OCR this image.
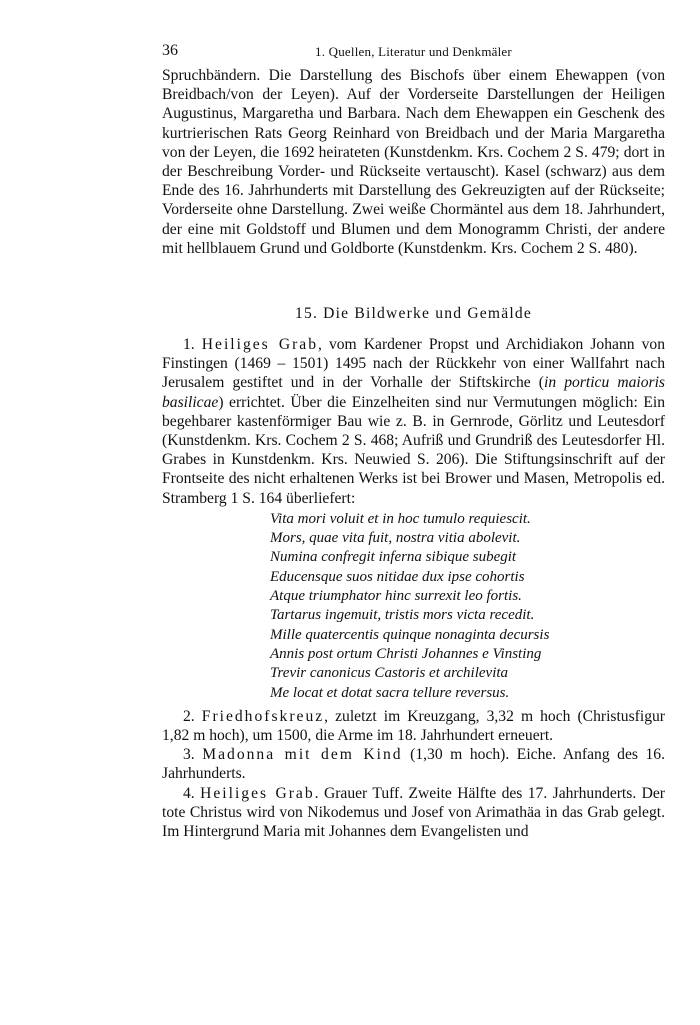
36	1. Quellen, Literatur und Denkmäler

Spruchbändern. Die Darstellung des Bischofs über einem Ehewappen (von Breidbach/von der Leyen). Auf der Vorderseite Darstellungen der Heiligen Augustinus, Margaretha und Barbara. Nach dem Ehewappen ein Geschenk des kurtrierischen Rats Georg Reinhard von Breidbach und der Maria Margaretha von der Leyen, die 1692 heirateten (Kunstdenkm. Krs. Cochem 2 S. 479; dort in der Beschreibung Vorder- und Rückseite vertauscht). Kasel (schwarz) aus dem Ende des 16. Jahrhunderts mit Darstellung des Gekreuzigten auf der Rückseite; Vorderseite ohne Darstellung. Zwei weiße Chormäntel aus dem 18. Jahrhundert, der eine mit Goldstoff und Blumen und dem Monogramm Christi, der andere mit hellblauem Grund und Goldborte (Kunstdenkm. Krs. Cochem 2 S. 480).

15. Die Bildwerke und Gemälde

1. Heiliges Grab, vom Kardener Propst und Archidiakon Johann von Finstingen (1469 – 1501) 1495 nach der Rückkehr von einer Wallfahrt nach Jerusalem gestiftet und in der Vorhalle der Stiftskirche (in porticu maioris basilicae) errichtet. Über die Einzelheiten sind nur Vermutungen möglich: Ein begehbarer kastenförmiger Bau wie z. B. in Gernrode, Görlitz und Leutesdorf (Kunstdenkm. Krs. Cochem 2 S. 468; Aufriß und Grundriß des Leutesdorfer Hl. Grabes in Kunstdenkm. Krs. Neuwied S. 206). Die Stiftungsinschrift auf der Frontseite des nicht erhaltenen Werks ist bei Brower und Masen, Metropolis ed. Stramberg 1 S. 164 überliefert:

Vita mori voluit et in hoc tumulo requiescit.
Mors, quae vita fuit, nostra vitia abolevit.
Numina confregit inferna sibique subegit
Educensque suos nitidae dux ipse cohortis
Atque triumphator hinc surrexit leo fortis.
Tartarus ingemuit, tristis mors victa recedit.
Mille quatercentis quinque nonaginta decursis
Annis post ortum Christi Johannes e Vinsting
Trevir canonicus Castoris et archilevita
Me locat et dotat sacra tellure reversus.

2. Friedhofskreuz, zuletzt im Kreuzgang, 3,32 m hoch (Christusfigur 1,82 m hoch), um 1500, die Arme im 18. Jahrhundert erneuert.

3. Madonna mit dem Kind (1,30 m hoch). Eiche. Anfang des 16. Jahrhunderts.

4. Heiliges Grab. Grauer Tuff. Zweite Hälfte des 17. Jahrhunderts. Der tote Christus wird von Nikodemus und Josef von Arimathäa in das Grab gelegt. Im Hintergrund Maria mit Johannes dem Evangelisten und
